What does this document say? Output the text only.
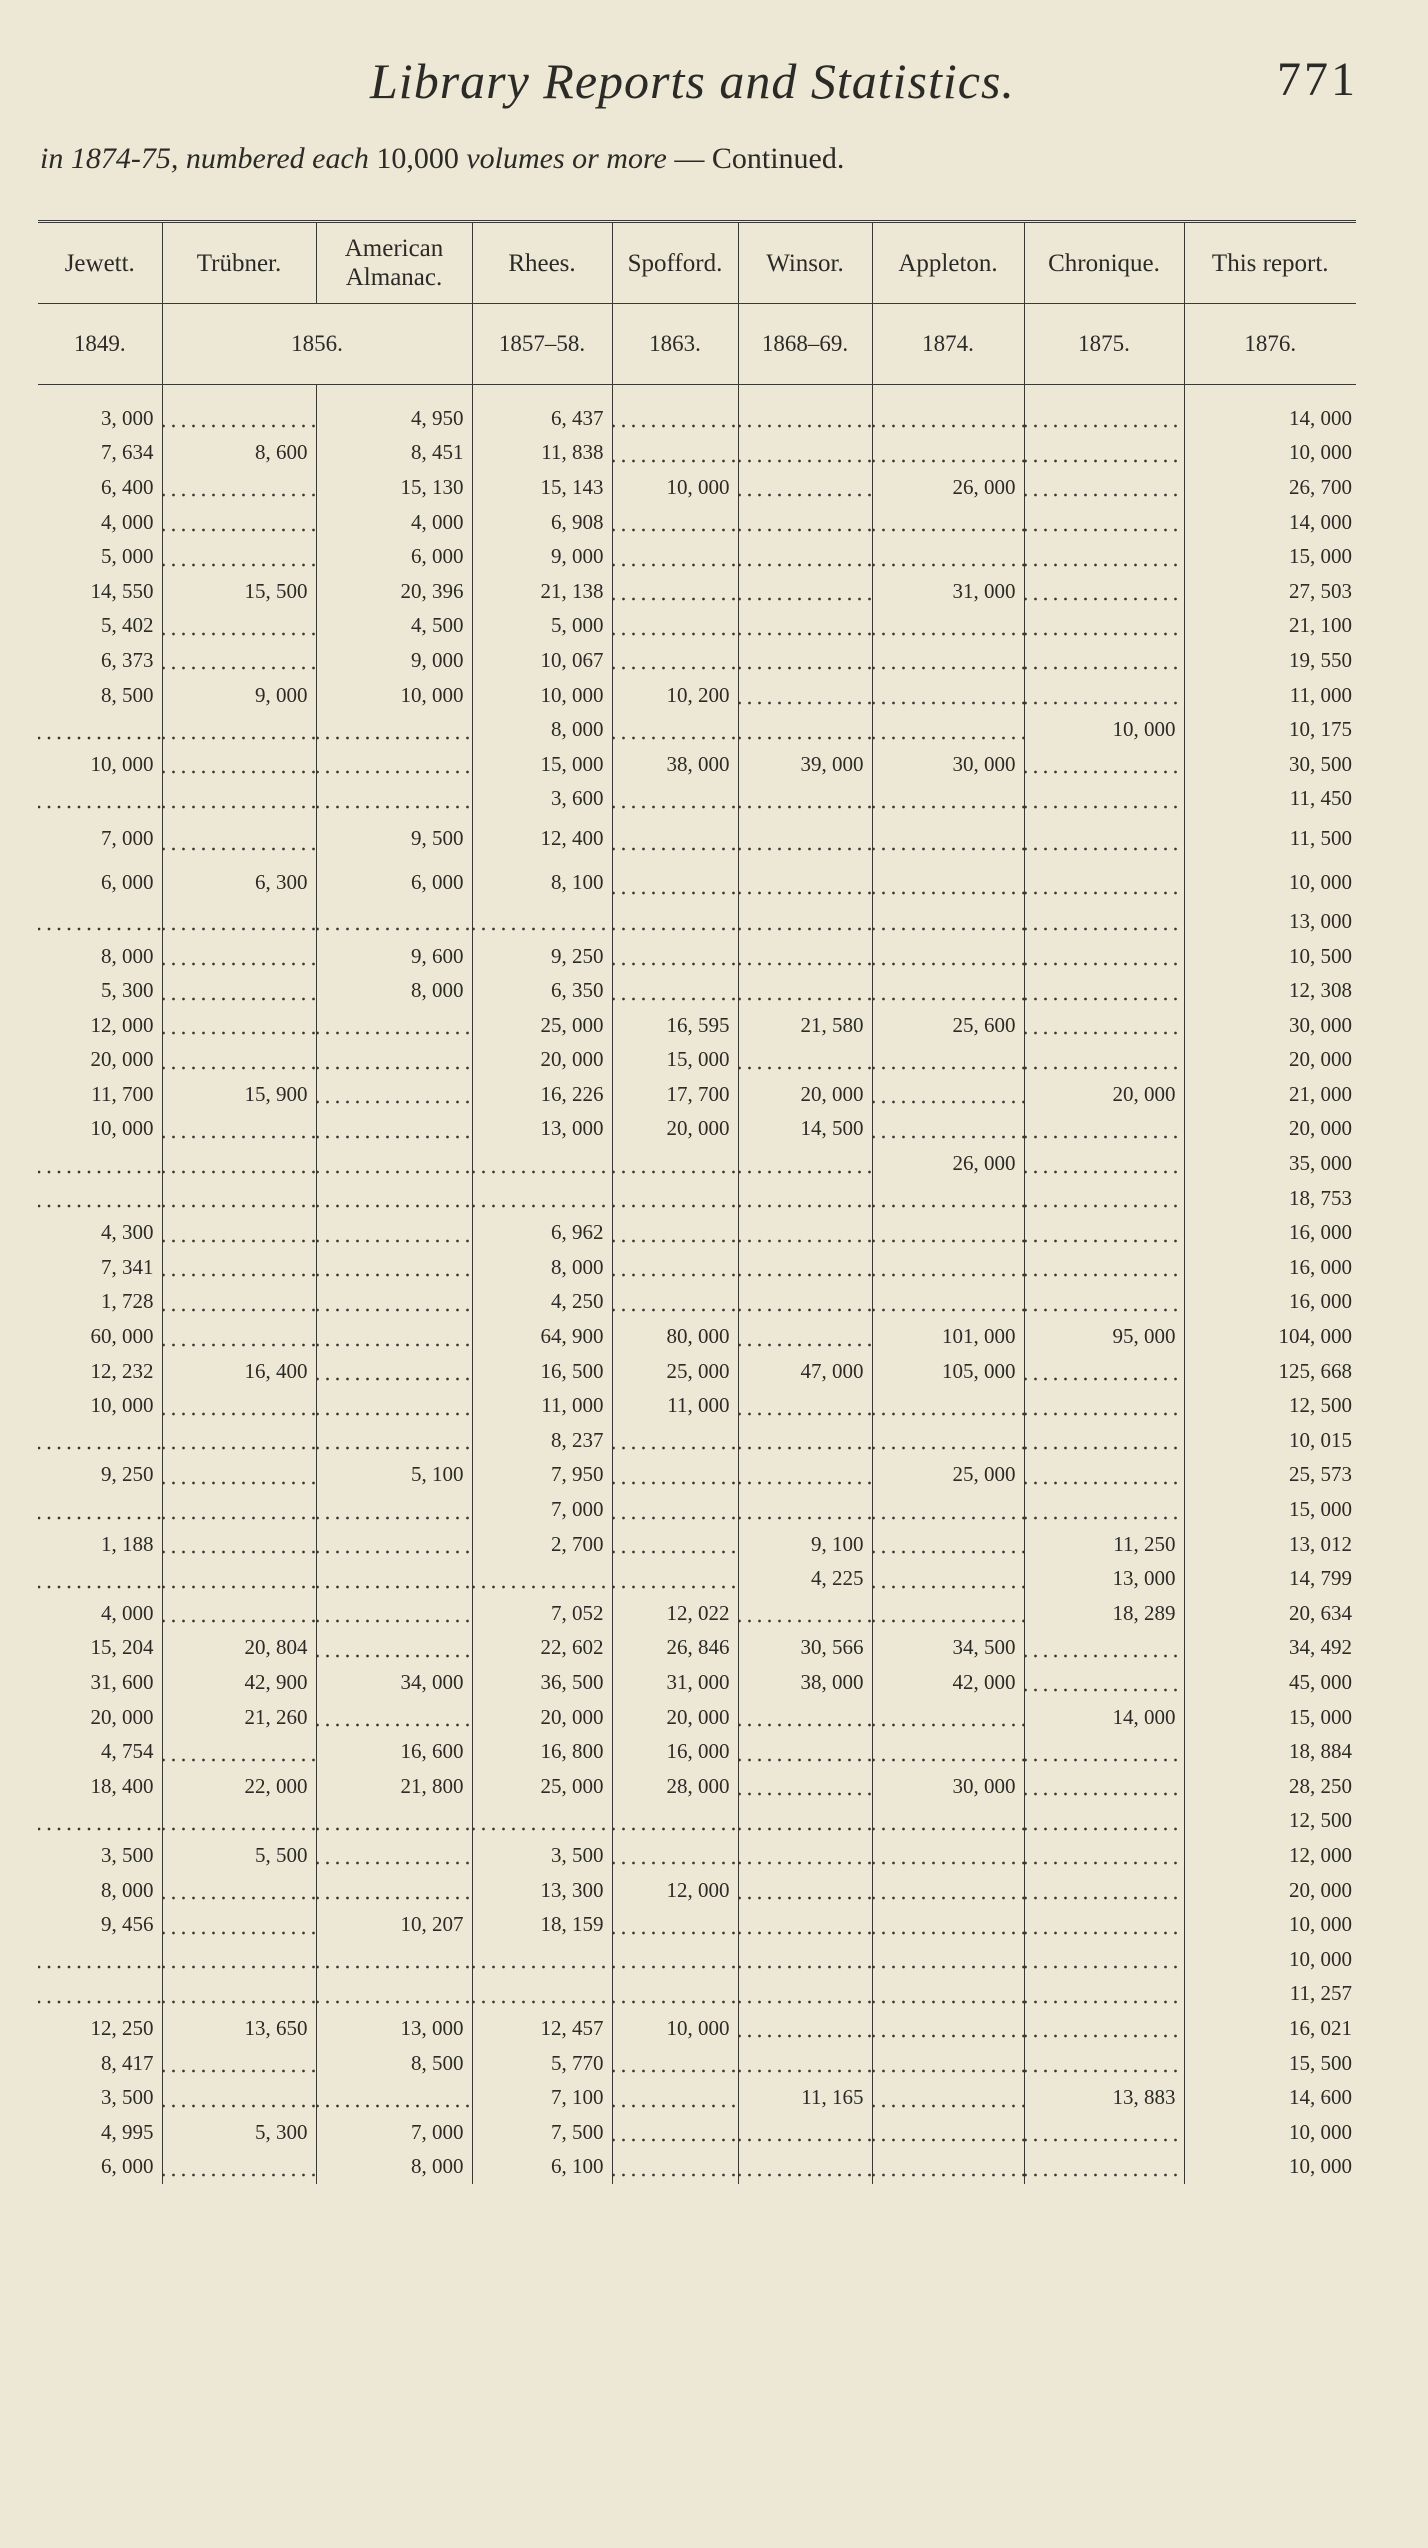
Library Reports and Statistics.	771
in 1874-75, numbered each 10,000 volumes or more — Continued.
Jewett.	Trübner.	American Almanac.	Rhees.	Spofford.	Winsor.	Appleton.	Chronique.	This report.
1849.	1856.		1857–58.	1863.	1868–69.	1874.	1875.	1876.

3, 000		4, 950	6, 437					14, 000
7, 634	8, 600	8, 451	11, 838					10, 000
6, 400		15, 130	15, 143	10, 000		26, 000		26, 700
4, 000		4, 000	6, 908					14, 000
5, 000		6, 000	9, 000					15, 000
14, 550	15, 500	20, 396	21, 138			31, 000		27, 503
5, 402		4, 500	5, 000					21, 100
6, 373		9, 000	10, 067					19, 550
8, 500	9, 000	10, 000	10, 000	10, 200				11, 000
			8, 000				10, 000	10, 175
10, 000			15, 000	38, 000	39, 000	30, 000		30, 500
			3, 600					11, 450
7, 000		9, 500	12, 400					11, 500
6, 000	6, 300	6, 000	8, 100					10, 000
								13, 000
8, 000		9, 600	9, 250					10, 500
5, 300		8, 000	6, 350					12, 308
12, 000			25, 000	16, 595	21, 580	25, 600		30, 000
20, 000			20, 000	15, 000				20, 000
11, 700	15, 900		16, 226	17, 700	20, 000		20, 000	21, 000
10, 000			13, 000	20, 000	14, 500			20, 000
						26, 000		35, 000
								18, 753
4, 300			6, 962					16, 000
7, 341			8, 000					16, 000
1, 728			4, 250					16, 000
60, 000			64, 900	80, 000		101, 000	95, 000	104, 000
12, 232	16, 400		16, 500	25, 000	47, 000	105, 000		125, 668
10, 000			11, 000	11, 000				12, 500
			8, 237					10, 015
9, 250		5, 100	7, 950			25, 000		25, 573
			7, 000					15, 000
1, 188			2, 700		9, 100		11, 250	13, 012
					4, 225		13, 000	14, 799
4, 000			7, 052	12, 022			18, 289	20, 634
15, 204	20, 804		22, 602	26, 846	30, 566	34, 500		34, 492
31, 600	42, 900	34, 000	36, 500	31, 000	38, 000	42, 000		45, 000
20, 000	21, 260		20, 000	20, 000			14, 000	15, 000
4, 754		16, 600	16, 800	16, 000				18, 884
18, 400	22, 000	21, 800	25, 000	28, 000		30, 000		28, 250
								12, 500
3, 500	5, 500		3, 500					12, 000
8, 000			13, 300	12, 000				20, 000
9, 456		10, 207	18, 159					10, 000
								10, 000
								11, 257
12, 250	13, 650	13, 000	12, 457	10, 000				16, 021
8, 417		8, 500	5, 770					15, 500
3, 500			7, 100		11, 165		13, 883	14, 600
4, 995	5, 300	7, 000	7, 500					10, 000
6, 000		8, 000	6, 100					10, 000
